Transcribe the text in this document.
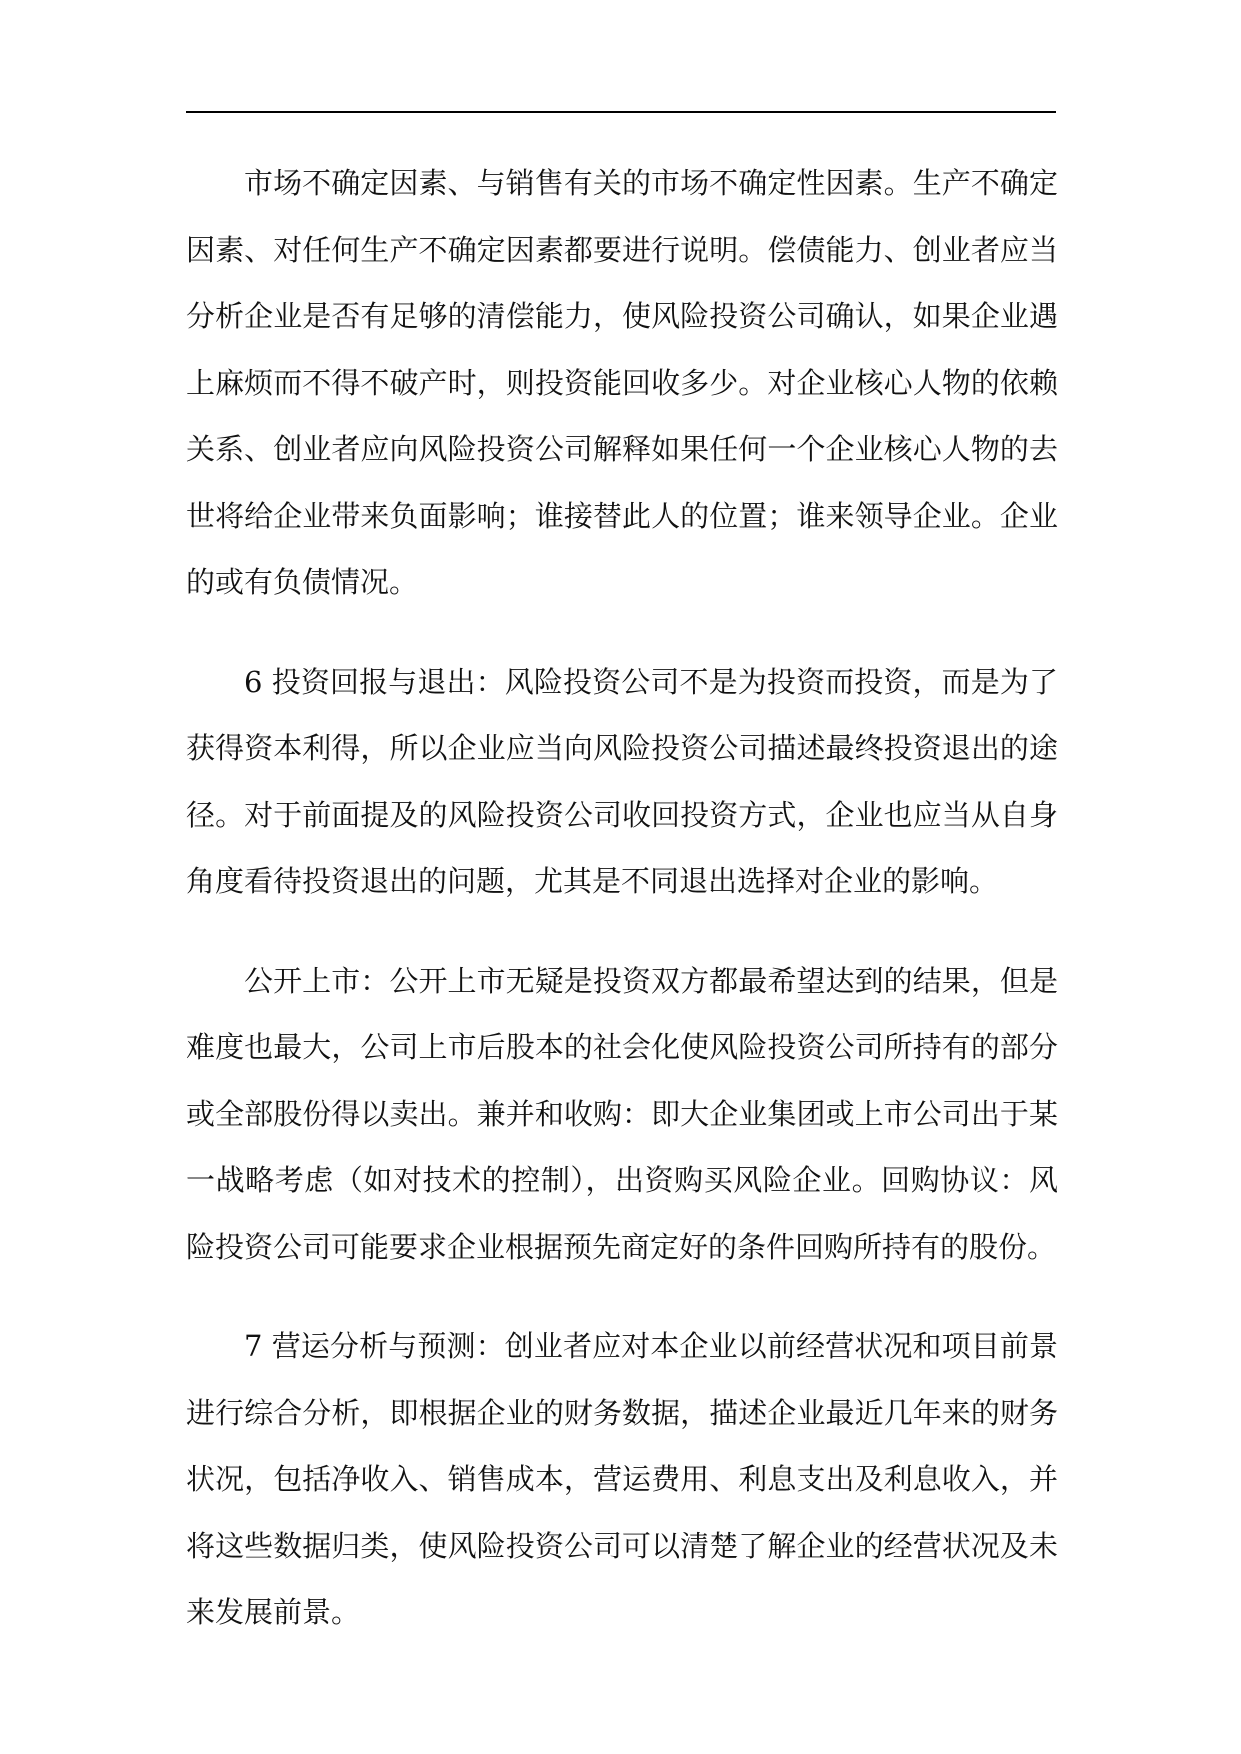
市场不确定因素、与销售有关的市场不确定性因素。生产不确定因素、对任何生产不确定因素都要进行说明。偿债能力、创业者应当分析企业是否有足够的清偿能力，使风险投资公司确认，如果企业遇上麻烦而不得不破产时，则投资能回收多少。对企业核心人物的依赖关系、创业者应向风险投资公司解释如果任何一个企业核心人物的去世将给企业带来负面影响；谁接替此人的位置；谁来领导企业。企业的或有负债情况。

6 投资回报与退出：风险投资公司不是为投资而投资，而是为了获得资本利得，所以企业应当向风险投资公司描述最终投资退出的途径。对于前面提及的风险投资公司收回投资方式，企业也应当从自身角度看待投资退出的问题，尤其是不同退出选择对企业的影响。

公开上市：公开上市无疑是投资双方都最希望达到的结果，但是难度也最大，公司上市后股本的社会化使风险投资公司所持有的部分或全部股份得以卖出。兼并和收购：即大企业集团或上市公司出于某一战略考虑（如对技术的控制），出资购买风险企业。回购协议：风险投资公司可能要求企业根据预先商定好的条件回购所持有的股份。

7 营运分析与预测：创业者应对本企业以前经营状况和项目前景进行综合分析，即根据企业的财务数据，描述企业最近几年来的财务状况，包括净收入、销售成本，营运费用、利息支出及利息收入，并将这些数据归类，使风险投资公司可以清楚了解企业的经营状况及未来发展前景。
